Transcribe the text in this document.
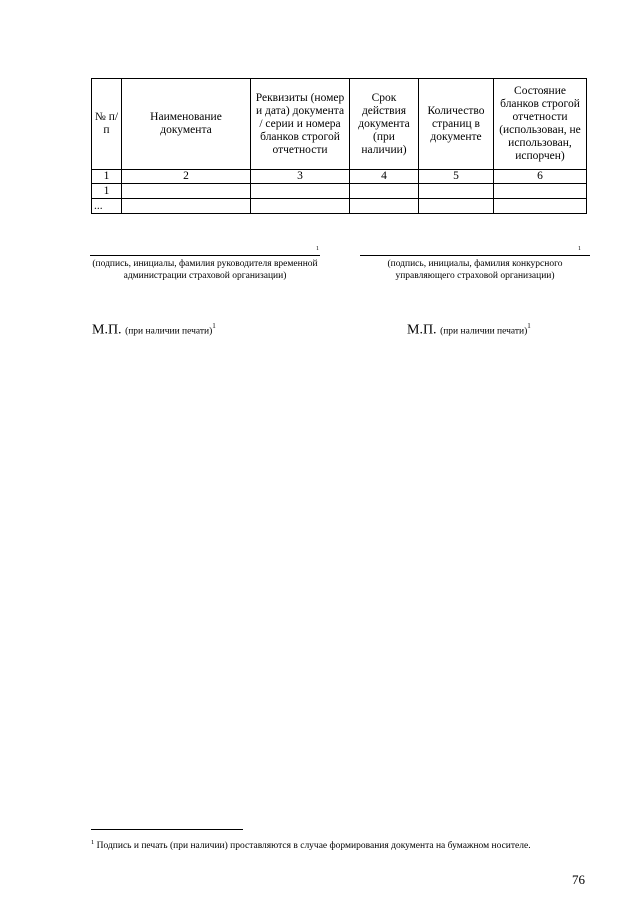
№ п/п	Наименование документа	Реквизиты (номер и дата) документа / серии и номера бланков строгой отчетности	Срок действия документа (при наличии)	Количество страниц в документе	Состояние бланков строгой отчетности (использован, не использован, испорчен)
1	2	3	4	5	6
1					
...					
(подпись, инициалы, фамилия руководителя временной администрации страховой организации)
1
(подпись, инициалы, фамилия конкурсного управляющего страховой организации)
1
М.П. (при наличии печати)$^1$	М.П. (при наличии печати)$^1$
$^1$ Подпись и печать (при наличии) проставляются в случае формирования документа на бумажном носителе.
76
